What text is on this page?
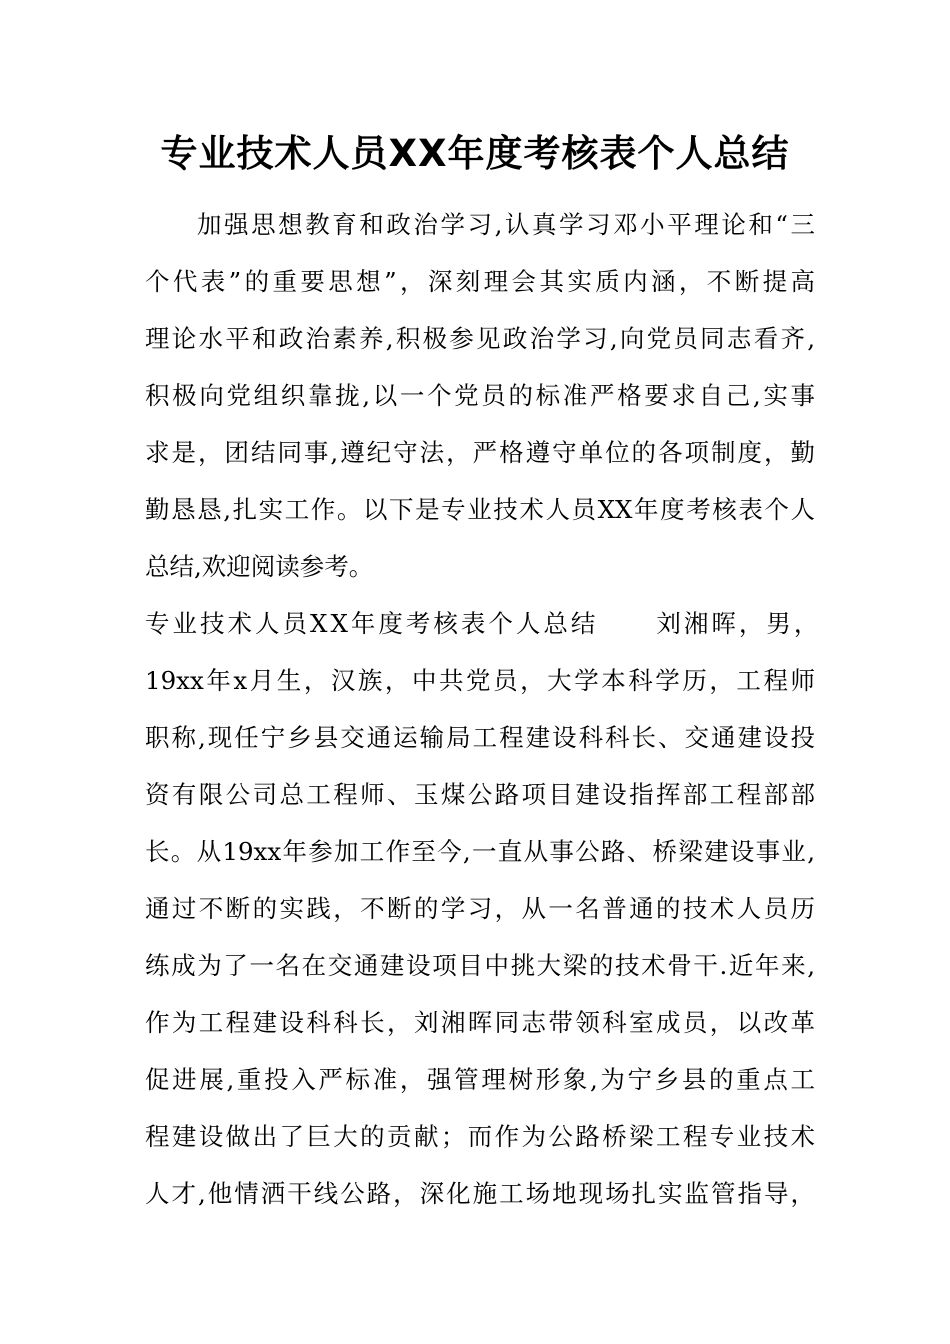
专业技术人员XX年度考核表个人总结
加强思想教育和政治学习,认真学习邓小平理论和“三
个代表”的重要思想”，深刻理会其实质内涵，不断提高
理论水平和政治素养,积极参见政治学习,向党员同志看齐,
积极向党组织靠拢,以一个党员的标准严格要求自己,实事
求是，团结同事,遵纪守法，严格遵守单位的各项制度，勤
勤恳恳,扎实工作。以下是专业技术人员XX年度考核表个人
总结,欢迎阅读参考。
专业技术人员XX年度考核表个人总结 刘湘晖，男，
19xx年x月生，汉族，中共党员，大学本科学历，工程师
职称,现任宁乡县交通运输局工程建设科科长、交通建设投
资有限公司总工程师、玉煤公路项目建设指挥部工程部部
长。从19xx年参加工作至今,一直从事公路、桥梁建设事业,
通过不断的实践，不断的学习，从一名普通的技术人员历
练成为了一名在交通建设项目中挑大梁的技术骨干.近年来,
作为工程建设科科长，刘湘晖同志带领科室成员，以改革
促进展,重投入严标准，强管理树形象,为宁乡县的重点工
程建设做出了巨大的贡献；而作为公路桥梁工程专业技术
人才,他情洒干线公路，深化施工场地现场扎实监管指导，
